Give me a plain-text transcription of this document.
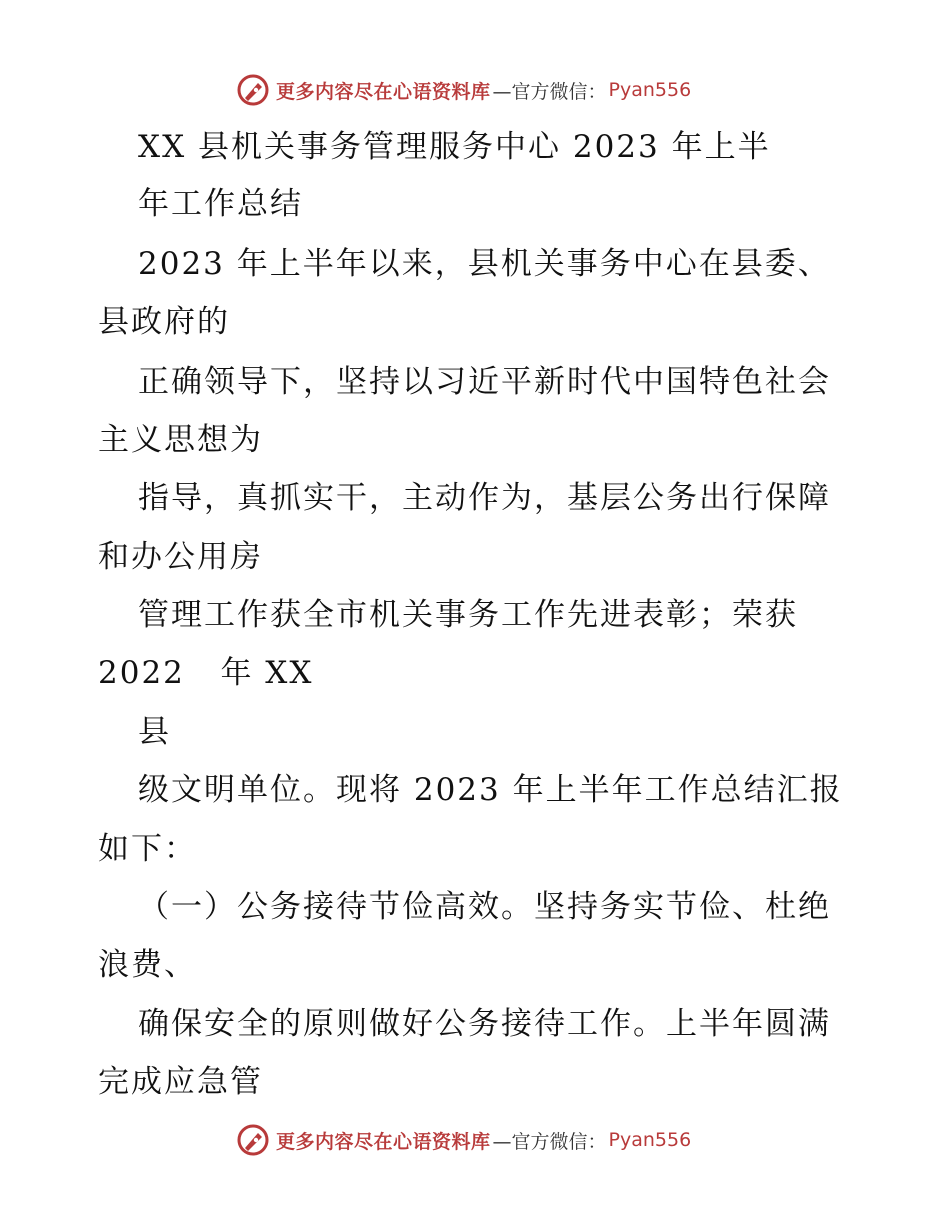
更多内容尽在心语资料库 —官方微信： Pyan556
XX 县机关事务管理服务中心 2023 年上半
年工作总结
2023 年上半年以来，县机关事务中心在县委、
县政府的
正确领导下，坚持以习近平新时代中国特色社会
主义思想为
指导，真抓实干，主动作为，基层公务出行保障
和办公用房
管理工作获全市机关事务工作先进表彰；荣获
2022   年 XX
县
级文明单位。现将 2023 年上半年工作总结汇报
如下：
（一）公务接待节俭高效。坚持务实节俭、杜绝
浪费、
确保安全的原则做好公务接待工作。上半年圆满
完成应急管
更多内容尽在心语资料库 —官方微信： Pyan556
